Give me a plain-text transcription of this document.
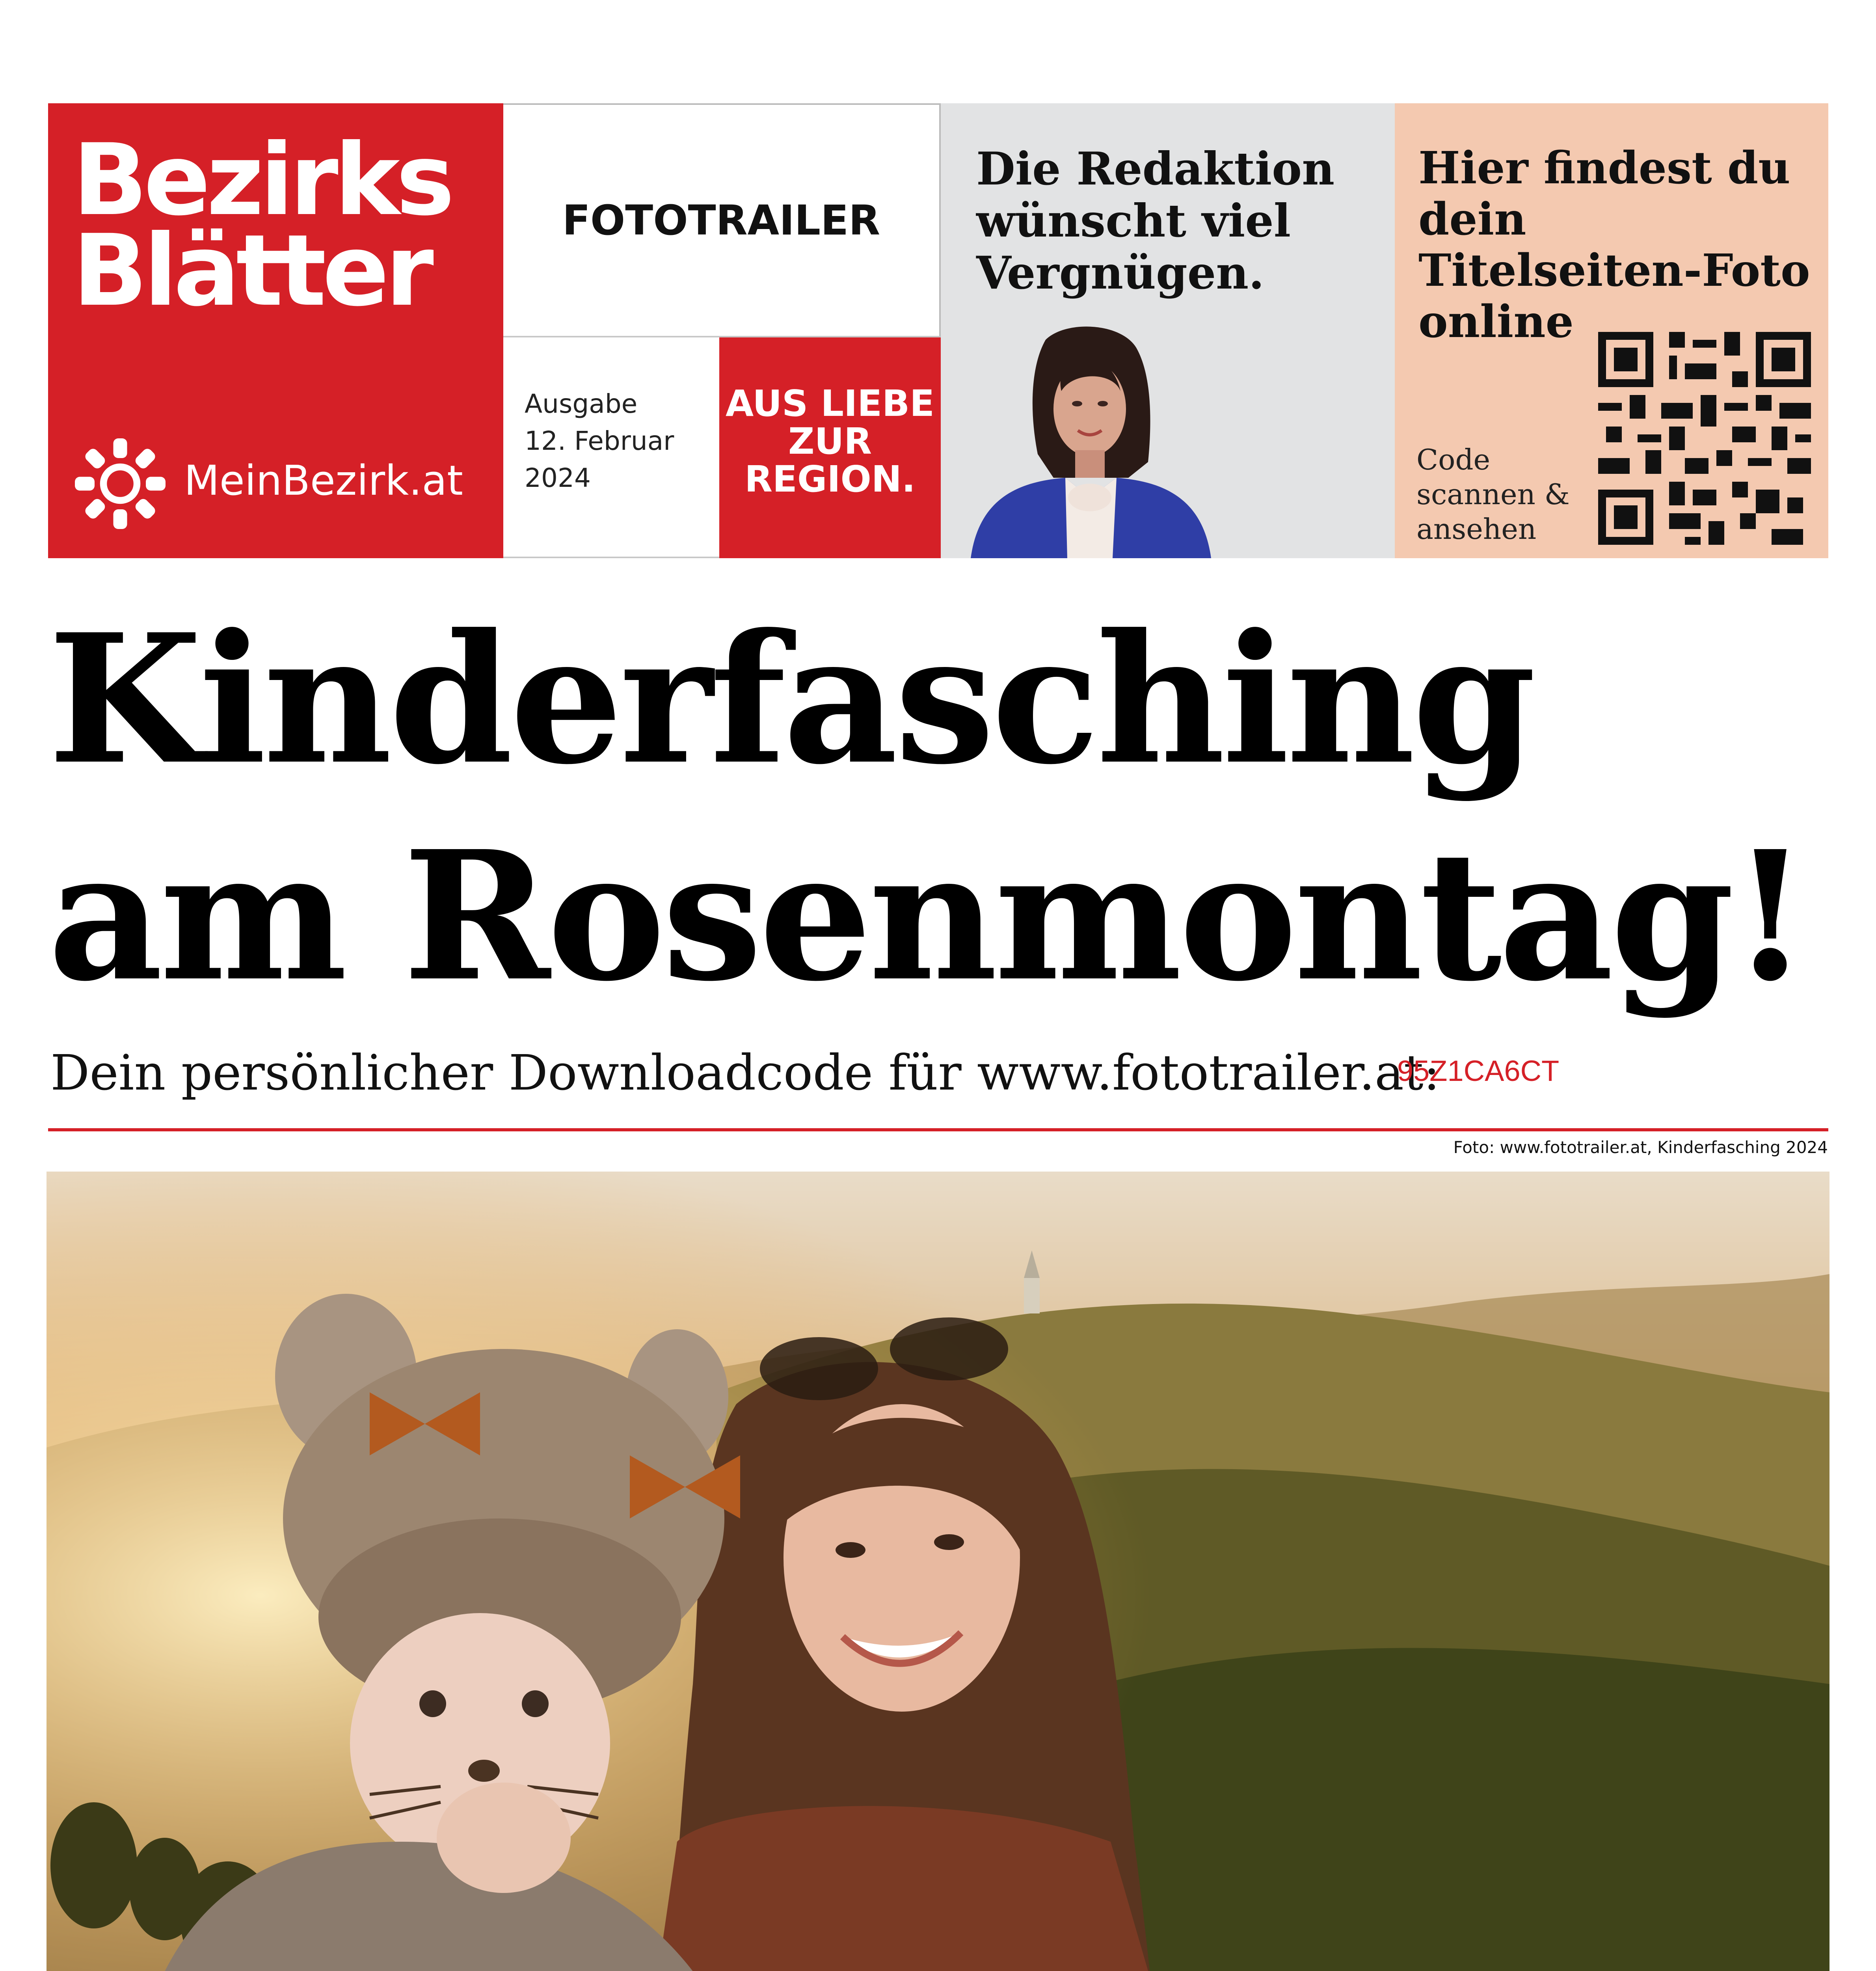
Bezirks
Blätter
MeinBezirk.at
FOTOTRAILER
Ausgabe
12. Februar
2024
AUS LIEBE
ZUR
REGION.
Die Redaktion wünscht viel Vergnügen.
Hier findest du dein Titelseiten-Foto online
Code scannen & ansehen
Kinderfasching
am Rosenmontag!
Dein persönlicher Downloadcode für www.fototrailer.at:
95Z1CA6CT
Foto: www.fototrailer.at, Kinderfasching 2024
